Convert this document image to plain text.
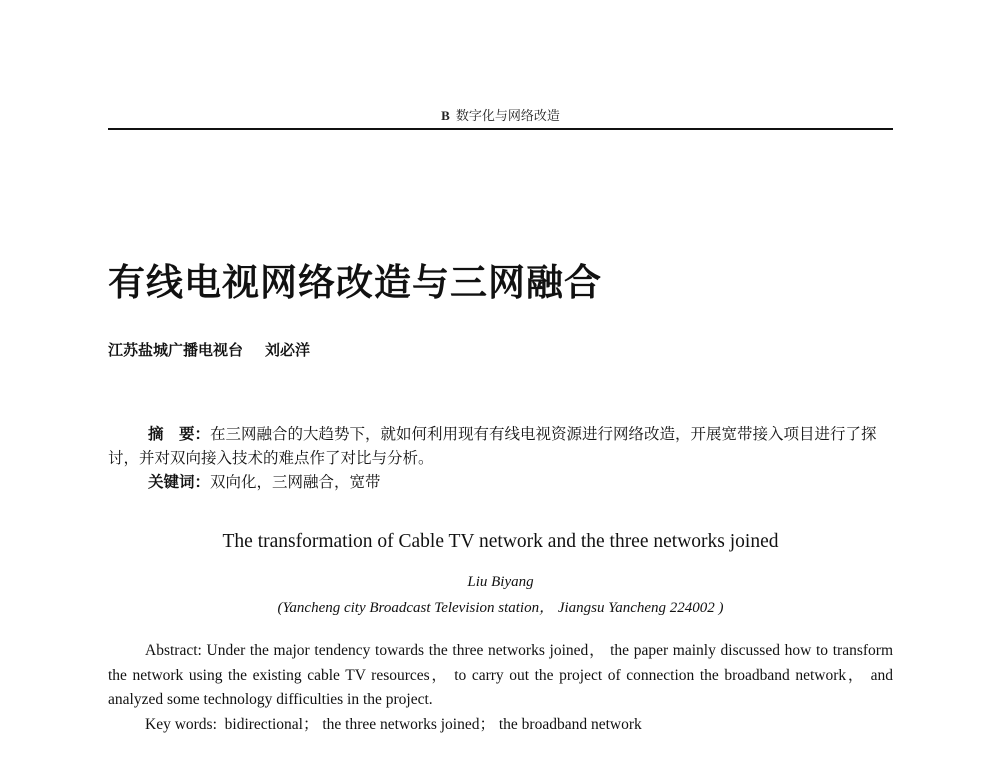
B 数字化与网络改造
有线电视网络改造与三网融合
江苏盐城广播电视台 刘必洋

摘　要：在三网融合的大趋势下，就如何利用现有有线电视资源进行网络改造，开展宽带接入项目进行了探讨，并对双向接入技术的难点作了对比与分析。

关键词：双向化，三网融合，宽带

The transformation of Cable TV network and the three networks joined
Liu Biyang
(Yancheng city Broadcast Television station， Jiangsu Yancheng 224002 )

Abstract: Under the major tendency towards the three networks joined， the paper mainly discussed how to transform the network using the existing cable TV resources， to carry out the project of connection the broadband network， and analyzed some technology difficulties in the project.

Key words: bidirectional； the three networks joined； the broadband network
